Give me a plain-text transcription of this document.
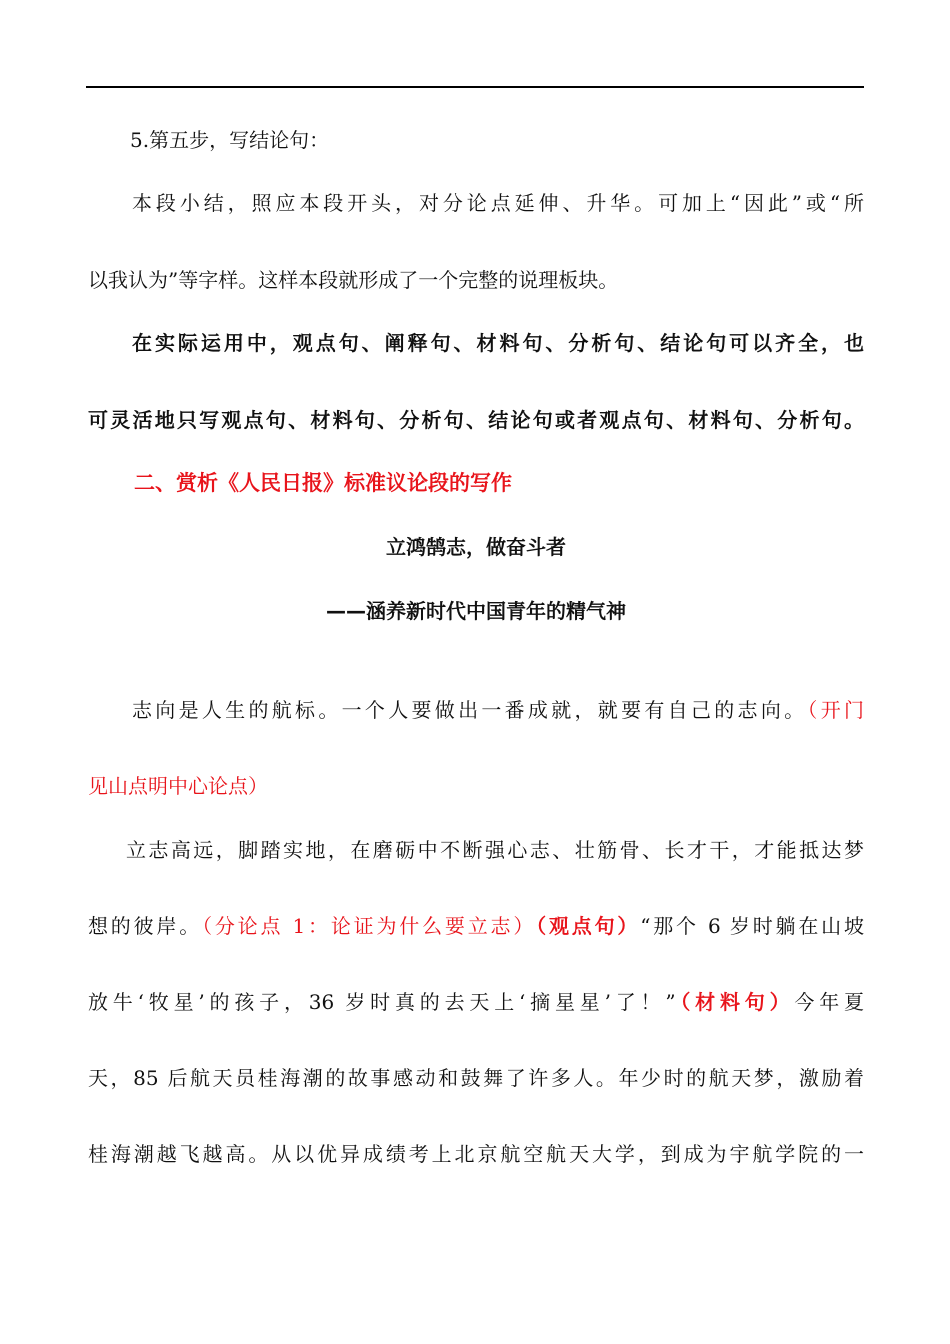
5.第五步，写结论句：
本段小结，照应本段开头，对分论点延伸、升华。可加上“因此”或“所
以我认为”等字样。这样本段就形成了一个完整的说理板块。
在实际运用中，观点句、阐释句、材料句、分析句、结论句可以齐全，也
可灵活地只写观点句、材料句、分析句、结论句或者观点句、材料句、分析句。
二、赏析《人民日报》标准议论段的写作
立鸿鹄志，做奋斗者
——涵养新时代中国青年的精气神
志向是人生的航标。一个人要做出一番成就，就要有自己的志向。（开门
见山点明中心论点）
立志高远，脚踏实地，在磨砺中不断强心志、壮筋骨、长才干，才能抵达梦
想的彼岸。（分论点 1：论证为什么要立志）（观点句）“那个 6 岁时躺在山坡
放牛‘牧星’的孩子，36 岁时真的去天上‘摘星星’了！”（材料句）今年夏
天，85 后航天员桂海潮的故事感动和鼓舞了许多人。年少时的航天梦，激励着
桂海潮越飞越高。从以优异成绩考上北京航空航天大学，到成为宇航学院的一
